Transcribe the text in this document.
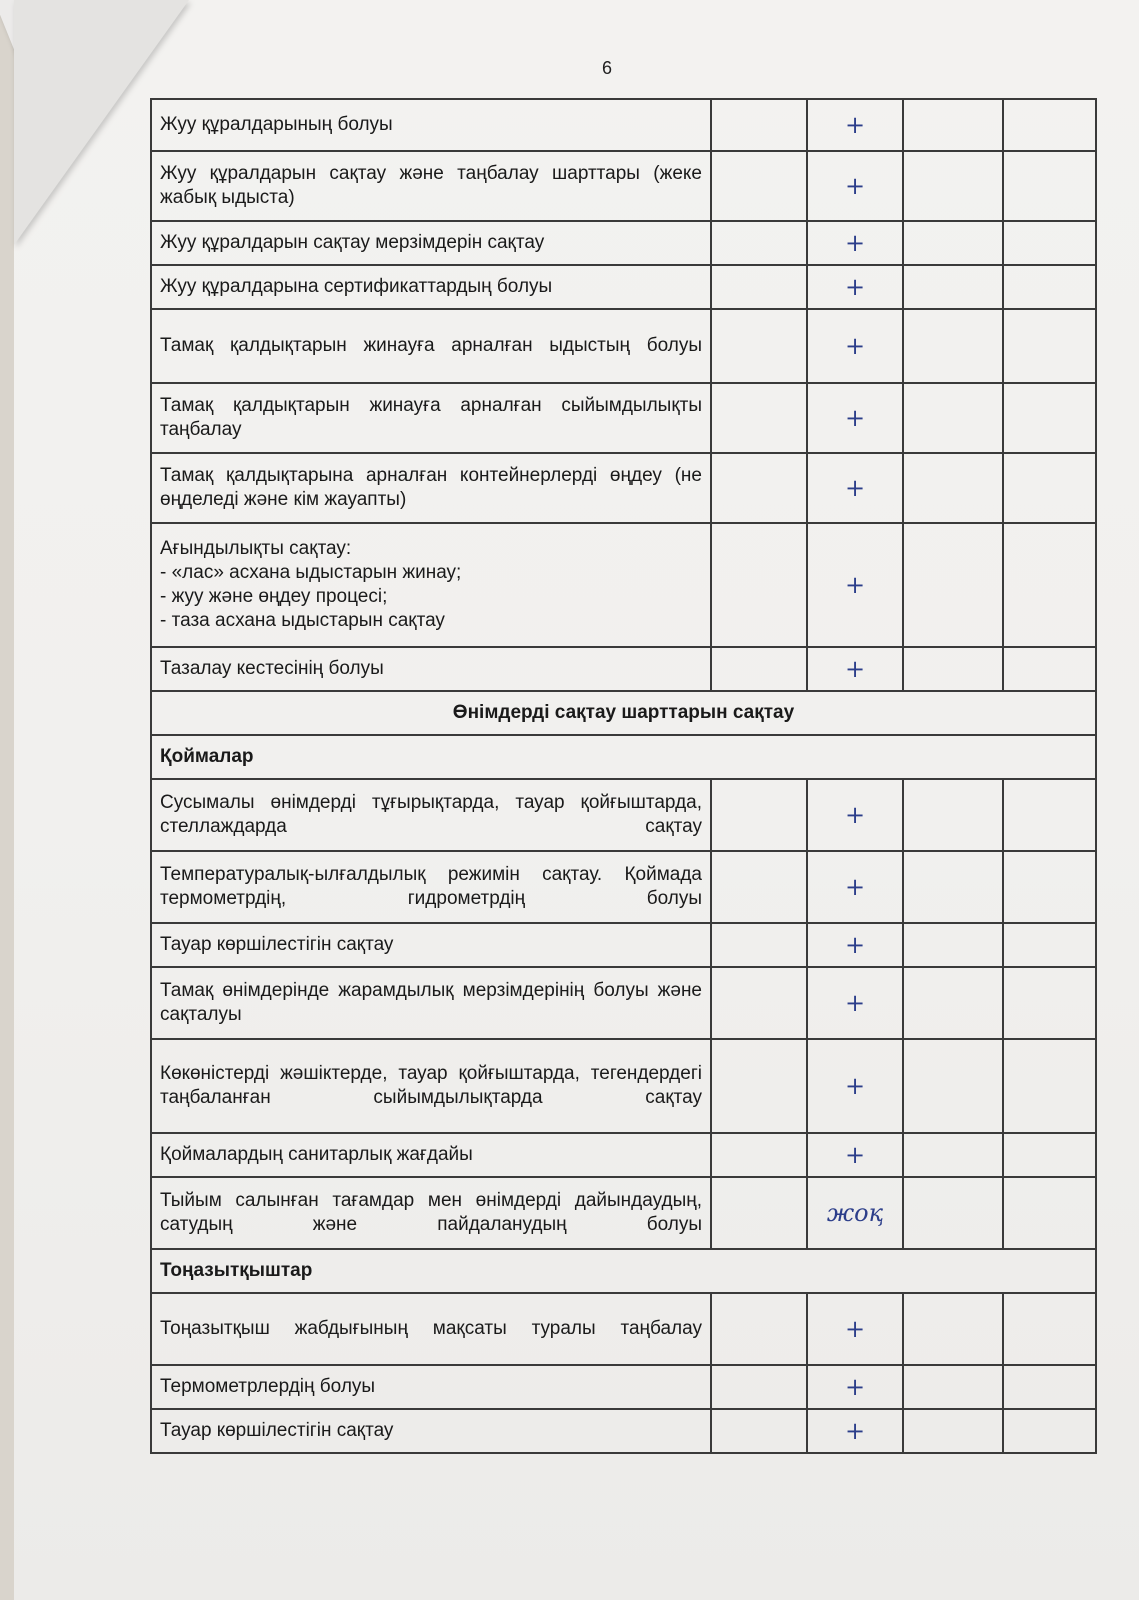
6
Жуу құралдарының болуы		+		
Жуу құралдарын сақтау және таңбалау шарттары (жеке жабық ыдыста)		+		
Жуу құралдарын сақтау мерзімдерін сақтау		+		
Жуу құралдарына сертификаттардың болуы		+		
Тамақ қалдықтарын жинауға арналған ыдыстың болуы		+		
Тамақ қалдықтарын жинауға арналған сыйымдылықты таңбалау		+		
Тамақ қалдықтарына арналған контейнерлерді өңдеу (не өңделеді және кім жауапты)		+		
Ағындылықты сақтау:
- «лас» асхана ыдыстарын жинау;
- жуу және өңдеу процесі;
- таза асхана ыдыстарын сақтау		+		
Тазалау кестесінің болуы		+		
Өнімдерді сақтау шарттарын сақтау				
Қоймалар				
Сусымалы өнімдерді тұғырықтарда, тауар қойғыштарда, стеллаждарда сақтау		+		
Температуралық-ылғалдылық режимін сақтау. Қоймада термометрдің, гидрометрдің болуы		+		
Тауар көршілестігін сақтау		+		
Тамақ өнімдерінде жарамдылық мерзімдерінің болуы және сақталуы		+		
Көкөністерді жәшіктерде, тауар қойғыштарда, тегендердегі таңбаланған сыйымдылықтарда сақтау		+		
Қоймалардың санитарлық жағдайы		+		
Тыйым салынған тағамдар мен өнімдерді дайындаудың, сатудың және пайдаланудың болуы		жоқ		
Тоңазытқыштар				
Тоңазытқыш жабдығының мақсаты туралы таңбалау		+		
Термометрлердің болуы		+		
Тауар көршілестігін сақтау		+		
